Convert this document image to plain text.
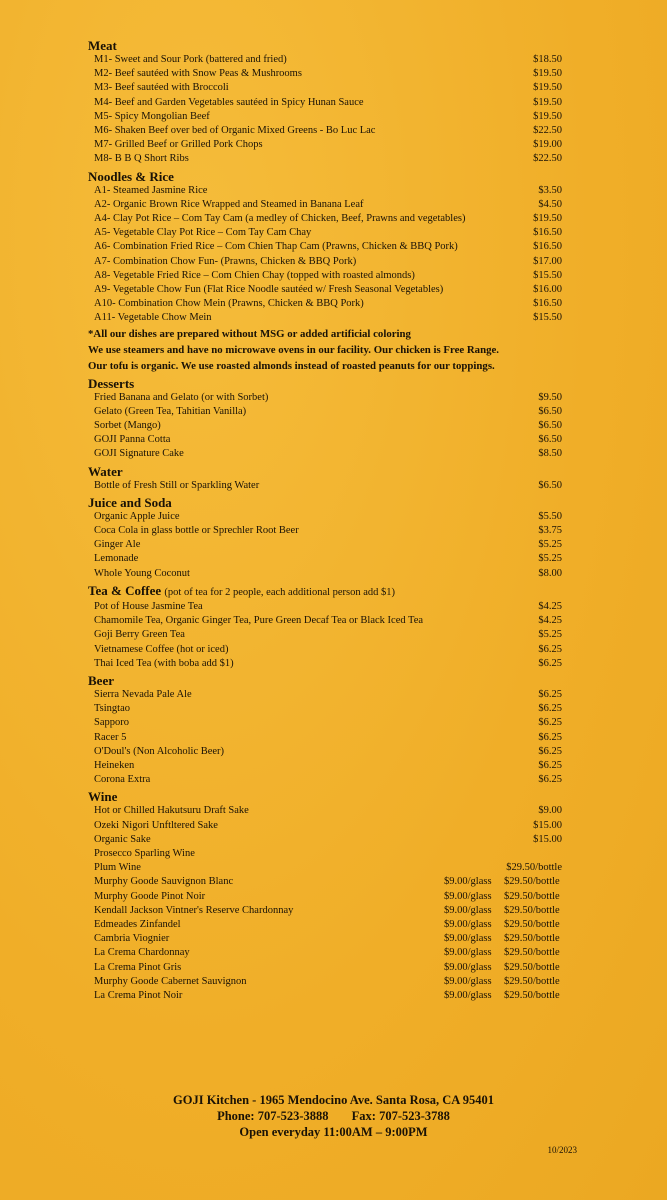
Meat
M1- Sweet and Sour Pork (battered and fried)	$18.50
M2- Beef sautéed with Snow Peas & Mushrooms	$19.50
M3- Beef sautéed with Broccoli	$19.50
M4- Beef and Garden Vegetables sautéed in Spicy Hunan Sauce	$19.50
M5- Spicy Mongolian Beef	$19.50
M6- Shaken Beef over bed of Organic Mixed Greens - Bo Luc Lac	$22.50
M7- Grilled Beef or Grilled Pork Chops	$19.00
M8- B B Q Short Ribs	$22.50
Noodles & Rice
A1- Steamed Jasmine Rice	$3.50
A2- Organic Brown Rice Wrapped and Steamed in Banana Leaf	$4.50
A4- Clay Pot Rice – Com Tay Cam (a medley of Chicken, Beef, Prawns and vegetables)	$19.50
A5- Vegetable Clay Pot Rice – Com Tay Cam Chay	$16.50
A6- Combination Fried Rice – Com Chien Thap Cam (Prawns, Chicken & BBQ Pork)	$16.50
A7- Combination Chow Fun- (Prawns, Chicken & BBQ Pork)	$17.00
A8- Vegetable Fried Rice – Com Chien Chay (topped with roasted almonds)	$15.50
A9- Vegetable Chow Fun (Flat Rice Noodle sautéed w/ Fresh Seasonal Vegetables)	$16.00
A10- Combination Chow Mein (Prawns, Chicken & BBQ Pork)	$16.50
A11- Vegetable Chow Mein	$15.50
*All our dishes are prepared without MSG or added artificial coloring
We use steamers and have no microwave ovens in our facility. Our chicken is Free Range.
Our tofu is organic. We use roasted almonds instead of roasted peanuts for our toppings.
Desserts
Fried Banana and Gelato (or with Sorbet)	$9.50
Gelato (Green Tea, Tahitian Vanilla)	$6.50
Sorbet (Mango)	$6.50
GOJI Panna Cotta	$6.50
GOJI Signature Cake	$8.50
Water
Bottle of Fresh Still or Sparkling Water	$6.50
Juice and Soda
Organic Apple Juice	$5.50
Coca Cola in glass bottle or Sprechler Root Beer	$3.75
Ginger Ale	$5.25
Lemonade	$5.25
Whole Young Coconut	$8.00
Tea & Coffee (pot of tea for 2 people, each additional person add $1)
Pot of House Jasmine Tea	$4.25
Chamomile Tea, Organic Ginger Tea, Pure Green Decaf Tea or Black Iced Tea	$4.25
Goji Berry Green Tea	$5.25
Vietnamese Coffee (hot or iced)	$6.25
Thai Iced Tea (with boba add $1)	$6.25
Beer
Sierra Nevada Pale Ale	$6.25
Tsingtao	$6.25
Sapporo	$6.25
Racer 5	$6.25
O'Doul's (Non Alcoholic Beer)	$6.25
Heineken	$6.25
Corona Extra	$6.25
Wine
Hot or Chilled Hakutsuru Draft Sake	$9.00
Ozeki Nigori Unftltered Sake	$15.00
Organic Sake	$15.00
Prosecco Sparling Wine
Plum Wine	$29.50/bottle
Murphy Goode Sauvignon Blanc	$9.00/glass	$29.50/bottle
Murphy Goode Pinot Noir	$9.00/glass	$29.50/bottle
Kendall Jackson Vintner's Reserve Chardonnay	$9.00/glass	$29.50/bottle
Edmeades Zinfandel	$9.00/glass	$29.50/bottle
Cambria Viognier	$9.00/glass	$29.50/bottle
La Crema Chardonnay	$9.00/glass	$29.50/bottle
La Crema Pinot Gris	$9.00/glass	$29.50/bottle
Murphy Goode Cabernet Sauvignon	$9.00/glass	$29.50/bottle
La Crema Pinot Noir	$9.00/glass	$29.50/bottle
GOJI Kitchen - 1965 Mendocino Ave. Santa Rosa, CA 95401
Phone: 707-523-3888 Fax: 707-523-3788
Open everyday 11:00AM – 9:00PM
10/2023
